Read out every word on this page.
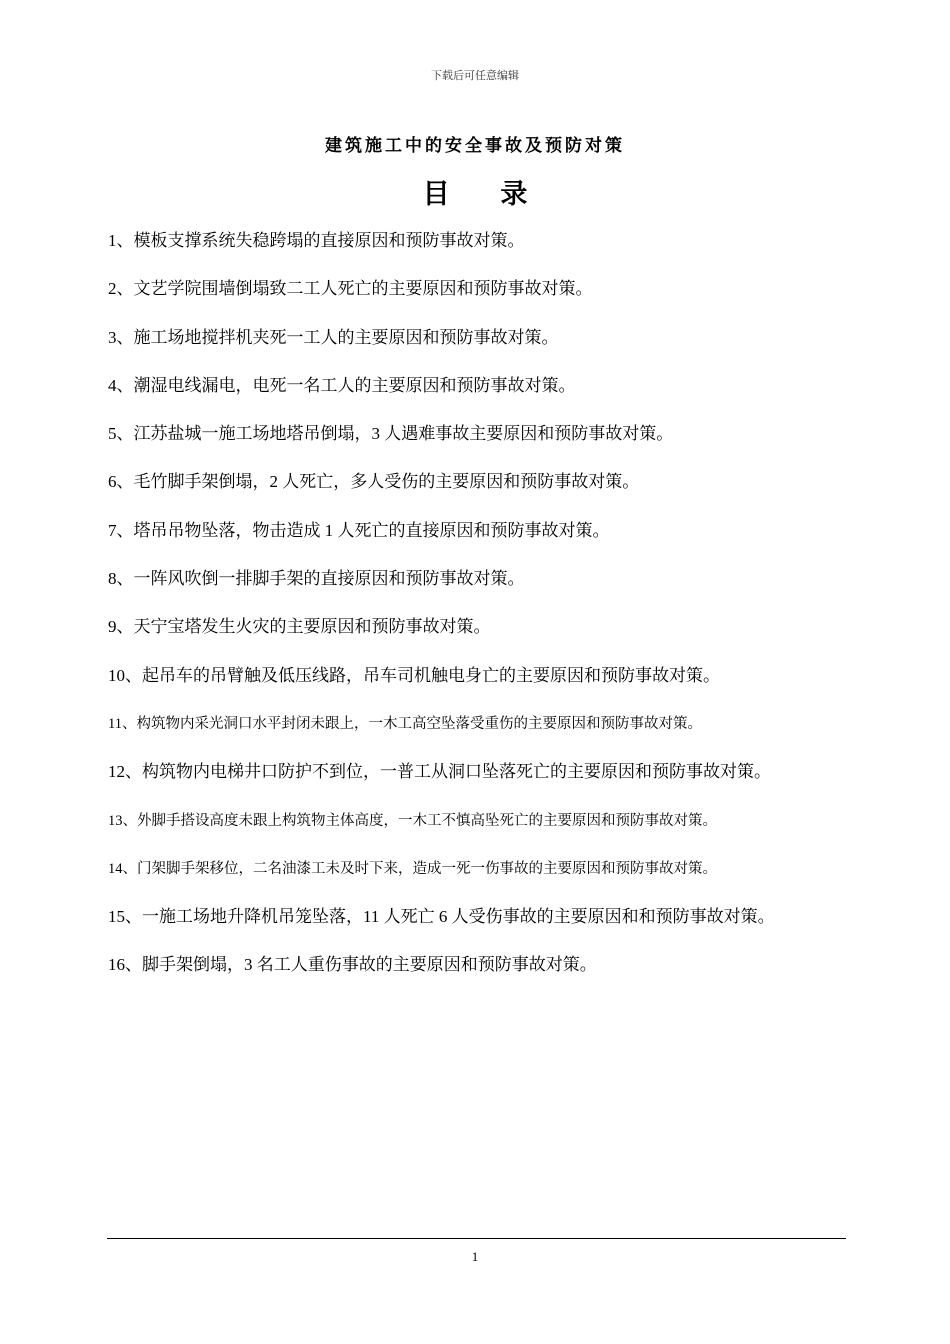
下载后可任意编辑
建筑施工中的安全事故及预防对策
目 录
1、模板支撑系统失稳跨塌的直接原因和预防事故对策。
2、文艺学院围墙倒塌致二工人死亡的主要原因和预防事故对策。
3、施工场地搅拌机夹死一工人的主要原因和预防事故对策。
4、潮湿电线漏电，电死一名工人的主要原因和预防事故对策。
5、江苏盐城一施工场地塔吊倒塌，3 人遇难事故主要原因和预防事故对策。
6、毛竹脚手架倒塌，2 人死亡，多人受伤的主要原因和预防事故对策。
7、塔吊吊物坠落，物击造成 1 人死亡的直接原因和预防事故对策。
8、一阵风吹倒一排脚手架的直接原因和预防事故对策。
9、天宁宝塔发生火灾的主要原因和预防事故对策。
10、起吊车的吊臂触及低压线路，吊车司机触电身亡的主要原因和预防事故对策。
11、构筑物内采光洞口水平封闭未跟上，一木工高空坠落受重伤的主要原因和预防事故对策。
12、构筑物内电梯井口防护不到位，一普工从洞口坠落死亡的主要原因和预防事故对策。
13、外脚手搭设高度未跟上构筑物主体高度，一木工不慎高坠死亡的主要原因和预防事故对策。
14、门架脚手架移位，二名油漆工未及时下来，造成一死一伤事故的主要原因和预防事故对策。
15、一施工场地升降机吊笼坠落，11 人死亡 6 人受伤事故的主要原因和和预防事故对策。
16、脚手架倒塌，3 名工人重伤事故的主要原因和预防事故对策。
1
